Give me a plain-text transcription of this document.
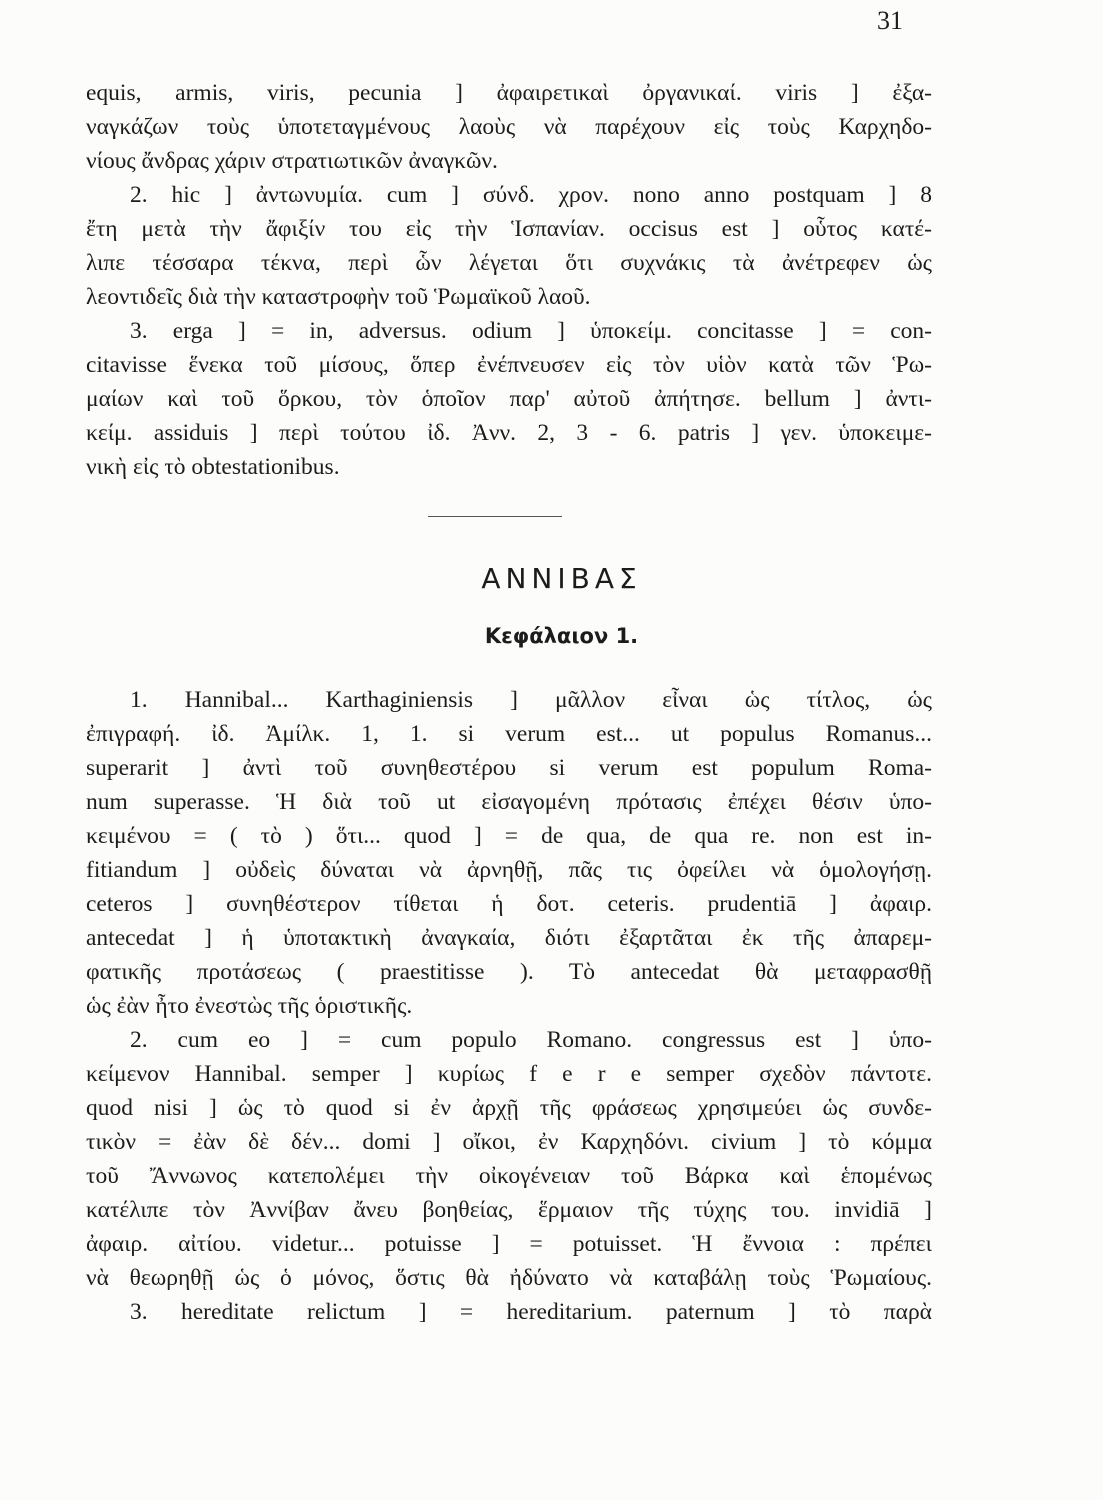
31
equis, armis, viris, pecunia ] ἀφαιρετικαὶ ὀργανικαί. viris ] ἐξα-
ναγκάζων τοὺς ὑποτεταγμένους λαοὺς νὰ παρέχουν εἰς τοὺς Καρχηδο-
νίους ἄνδρας χάριν στρατιωτικῶν ἀναγκῶν.
2. hic ] ἀντωνυμία. cum ] σύνδ. χρον. nono anno postquam ] 8
ἔτη μετὰ τὴν ἄφιξίν του εἰς τὴν Ἱσπανίαν. occisus est ] οὗτος κατέ-
λιπε τέσσαρα τέκνα, περὶ ὧν λέγεται ὅτι συχνάκις τὰ ἀνέτρεφεν ὡς
λεοντιδεῖς διὰ τὴν καταστροφὴν τοῦ Ῥωμαϊκοῦ λαοῦ.
3. erga ] = in, adversus. odium ] ὑποκείμ. concitasse ] = con-
citavisse ἕνεκα τοῦ μίσους, ὅπερ ἐνέπνευσεν εἰς τὸν υἱὸν κατὰ τῶν Ῥω-
μαίων καὶ τοῦ ὅρκου, τὸν ὁποῖον παρ' αὐτοῦ ἀπήτησε. bellum ] ἀντι-
κείμ. assiduis ] περὶ τούτου ἰδ. Ἀνν. 2, 3 - 6. patris ] γεν. ὑποκειμε-
νικὴ εἰς τὸ obtestationibus.
ΑΝΝΙΒΑΣ
Κεφάλαιον 1.
1. Hannibal... Karthaginiensis ] μᾶλλον εἶναι ὡς τίτλος, ὡς
ἐπιγραφή. ἰδ. Ἀμίλκ. 1, 1. si verum est... ut populus Romanus...
superarit ] ἀντὶ τοῦ συνηθεστέρου si verum est populum Roma-
num superasse. Ἡ διὰ τοῦ ut εἰσαγομένη πρότασις ἐπέχει θέσιν ὑπο-
κειμένου = ( τὸ ) ὅτι... quod ] = de qua, de qua re. non est in-
fitiandum ] οὐδεὶς δύναται νὰ ἀρνηθῇ, πᾶς τις ὀφείλει νὰ ὁμολογήσῃ.
ceteros ] συνηθέστερον τίθεται ἡ δοτ. ceteris. prudentiā ] ἀφαιρ.
antecedat ] ἡ ὑποτακτικὴ ἀναγκαία, διότι ἐξαρτᾶται ἐκ τῆς ἀπαρεμ-
φατικῆς προτάσεως ( praestitisse ). Τὸ antecedat θὰ μεταφρασθῇ
ὡς ἐὰν ἦτο ἐνεστὼς τῆς ὁριστικῆς.
2. cum eo ] = cum populo Romano. congressus est ] ὑπο-
κείμενον Hannibal. semper ] κυρίως f e r e semper σχεδὸν πάντοτε.
quod nisi ] ὡς τὸ quod si ἐν ἀρχῇ τῆς φράσεως χρησιμεύει ὡς συνδε-
τικὸν = ἐὰν δὲ δέν... domi ] οἴκοι, ἐν Καρχηδόνι. civium ] τὸ κόμμα
τοῦ Ἄννωνος κατεπολέμει τὴν οἰκογένειαν τοῦ Βάρκα καὶ ἑπομένως
κατέλιπε τὸν Ἀννίβαν ἄνευ βοηθείας, ἕρμαιον τῆς τύχης του. invidiā ]
ἀφαιρ. αἰτίου. videtur... potuisse ] = potuisset. Ἡ ἔννοια : πρέπει
νὰ θεωρηθῇ ὡς ὁ μόνος, ὅστις θὰ ἠδύνατο νὰ καταβάλῃ τοὺς Ῥωμαίους.
3. hereditate relictum ] = hereditarium. paternum ] τὸ παρὰ
